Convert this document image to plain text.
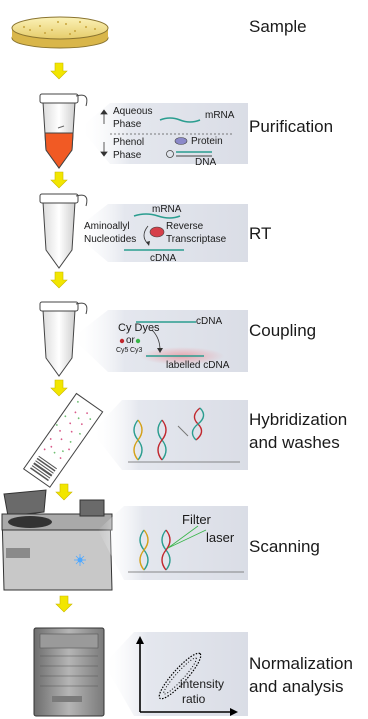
Aqueous
Phase
mRNA
Phenol
Phase
Protein
DNA
mRNA
Aminoallyl
Nucleotides
Reverse
Transcriptase
cDNA
cDNA
Cy Dyes
or
Cy5 Cy3
labelled cDNA
Filter
laser
intensity
ratio
Sample
Purification
RT
Coupling
Hybridization
and washes
Scanning
Normalization
and analysis
